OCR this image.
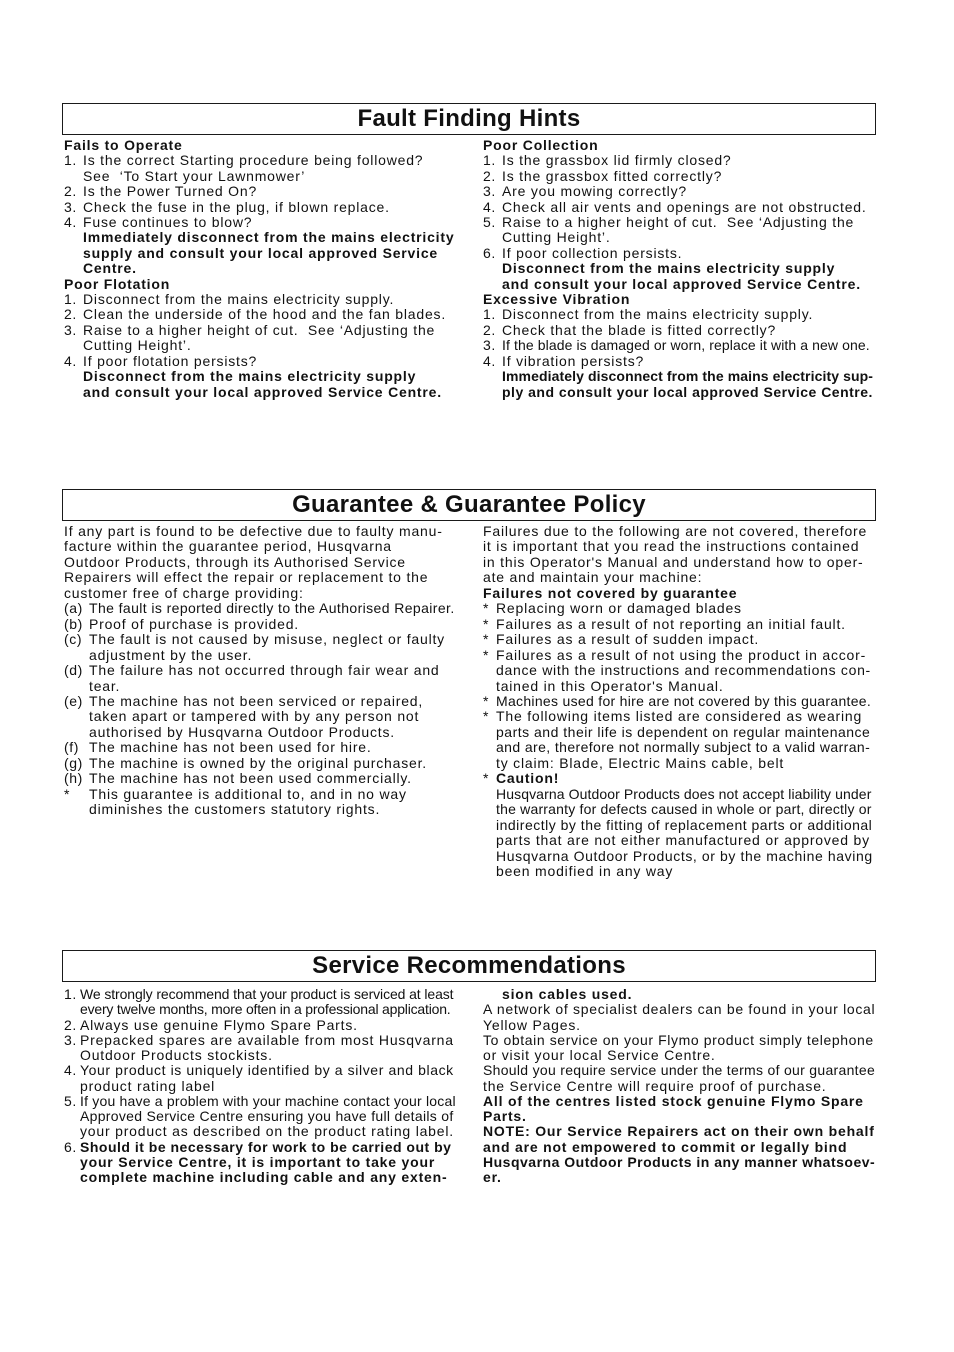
Fault Finding Hints
Fails to Operate
1. Is the correct Starting procedure being followed?
See  ‘To Start your Lawnmower’
2. Is the Power Turned On?
3. Check the fuse in the plug, if blown replace.
4. Fuse continues to blow?
Immediately disconnect from the mains electricity
supply and consult your local approved Service
Centre.
Poor Flotation
1. Disconnect from the mains electricity supply.
2. Clean the underside of the hood and the fan blades.
3. Raise to a higher height of cut.  See ‘Adjusting the
Cutting Height’.
4. If poor flotation persists?
Disconnect from the mains electricity supply
and consult your local approved Service Centre.
Poor Collection
1. Is the grassbox lid firmly closed?
2. Is the grassbox fitted correctly?
3. Are you mowing correctly?
4. Check all air vents and openings are not obstructed.
5. Raise to a higher height of cut.  See ‘Adjusting the
Cutting Height’.
6. If poor collection persists.
Disconnect from the mains electricity supply
and consult your local approved Service Centre.
Excessive Vibration
1. Disconnect from the mains electricity supply.
2. Check that the blade is fitted correctly?
3. If the blade is damaged or worn, replace it with a new one.
4. If vibration persists?
Immediately disconnect from the mains electricity sup-
ply and consult your local approved Service Centre.
Guarantee & Guarantee Policy
If any part is found to be defective due to faulty manu-
facture within the guarantee period, Husqvarna
Outdoor Products, through its Authorised Service
Repairers will effect the repair or replacement to the
customer free of charge providing:
(a) The fault is reported directly to the Authorised Repairer.
(b) Proof of purchase is provided.
(c) The fault is not caused by misuse, neglect or faulty
adjustment by the user.
(d) The failure has not occurred through fair wear and
tear.
(e) The machine has not been serviced or repaired,
taken apart or tampered with by any person not
authorised by Husqvarna Outdoor Products.
(f) The machine has not been used for hire.
(g) The machine is owned by the original purchaser.
(h) The machine has not been used commercially.
*	This guarantee is additional to, and in no way
diminishes the customers statutory rights.
Failures due to the following are not covered, therefore
it is important that you read the instructions contained
in this Operator's Manual and understand how to oper-
ate and maintain your machine:
Failures not covered by guarantee
* Replacing worn or damaged blades
* Failures as a result of not reporting an initial fault.
* Failures as a result of sudden impact.
* Failures as a result of not using the product in accor-
dance with the instructions and recommendations con-
tained in this Operator's Manual.
* Machines used for hire are not covered by this guarantee.
* The following items listed are considered as wearing
parts and their life is dependent on regular maintenance
and are, therefore not normally subject to a valid warran-
ty claim: Blade, Electric Mains cable, belt
* Caution!
Husqvarna Outdoor Products does not accept liability under
the warranty for defects caused in whole or part, directly or
indirectly by the fitting of replacement parts or additional
parts that are not either manufactured or approved by
Husqvarna Outdoor Products, or by the machine having
been modified in any way
Service Recommendations
1. We strongly recommend that your product is serviced at least
every twelve months, more often in a professional application.
2. Always use genuine Flymo Spare Parts.
3. Prepacked spares are available from most Husqvarna
Outdoor Products stockists.
4. Your product is uniquely identified by a silver and black
product rating label
5. If you have a problem with your machine contact your local
Approved Service Centre ensuring you have full details of
your product as described on the product rating label.
6. Should it be necessary for work to be carried out by
your Service Centre, it is important to take your
complete machine including cable and any exten-
sion cables used.
A network of specialist dealers can be found in your local
Yellow Pages.
To obtain service on your Flymo product simply telephone
or visit your local Service Centre.
Should you require service under the terms of our guarantee
the Service Centre will require proof of purchase.
All of the centres listed stock genuine Flymo Spare
Parts.
NOTE: Our Service Repairers act on their own behalf
and are not empowered to commit or legally bind
Husqvarna Outdoor Products in any manner whatsoev-
er.
